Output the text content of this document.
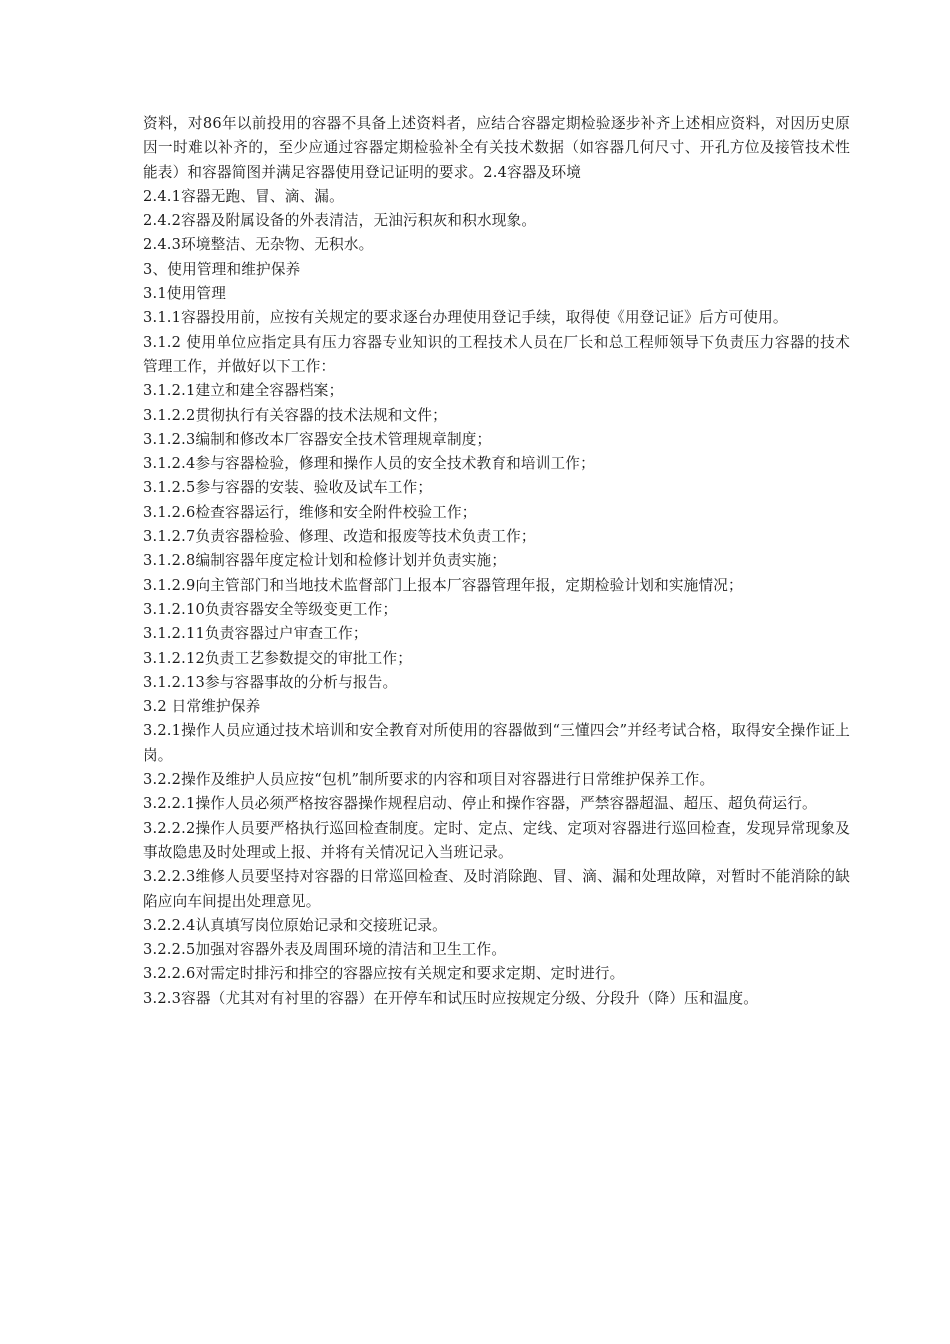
资料，对86年以前投用的容器不具备上述资料者，应结合容器定期检验逐步补齐上述相应资料，对因历史原因一时难以补齐的，至少应通过容器定期检验补全有关技术数据（如容器几何尺寸、开孔方位及接管技术性能表）和容器简图并满足容器使用登记证明的要求。2.4容器及环境

2.4.1容器无跑、冒、滴、漏。

2.4.2容器及附属设备的外表清洁，无油污积灰和积水现象。

2.4.3环境整洁、无杂物、无积水。

3、使用管理和维护保养

3.1使用管理

3.1.1容器投用前，应按有关规定的要求逐台办理使用登记手续，取得使《用登记证》后方可使用。

3.1.2 使用单位应指定具有压力容器专业知识的工程技术人员在厂长和总工程师领导下负责压力容器的技术管理工作，并做好以下工作：

3.1.2.1建立和建全容器档案；

3.1.2.2贯彻执行有关容器的技术法规和文件；

3.1.2.3编制和修改本厂容器安全技术管理规章制度；

3.1.2.4参与容器检验，修理和操作人员的安全技术教育和培训工作；

3.1.2.5参与容器的安装、验收及试车工作；

3.1.2.6检查容器运行，维修和安全附件校验工作；

3.1.2.7负责容器检验、修理、改造和报废等技术负责工作；

3.1.2.8编制容器年度定检计划和检修计划并负责实施；

3.1.2.9向主管部门和当地技术监督部门上报本厂容器管理年报，定期检验计划和实施情况；

3.1.2.10负责容器安全等级变更工作；

3.1.2.11负责容器过户审查工作；

3.1.2.12负责工艺参数提交的审批工作；

3.1.2.13参与容器事故的分析与报告。

3.2 日常维护保养

3.2.1操作人员应通过技术培训和安全教育对所使用的容器做到“三懂四会”并经考试合格，取得安全操作证上岗。

3.2.2操作及维护人员应按“包机”制所要求的内容和项目对容器进行日常维护保养工作。

3.2.2.1操作人员必须严格按容器操作规程启动、停止和操作容器，严禁容器超温、超压、超负荷运行。

3.2.2.2操作人员要严格执行巡回检查制度。定时、定点、定线、定项对容器进行巡回检查，发现异常现象及事故隐患及时处理或上报、并将有关情况记入当班记录。

3.2.2.3维修人员要坚持对容器的日常巡回检查、及时消除跑、冒、滴、漏和处理故障，对暂时不能消除的缺陷应向车间提出处理意见。

3.2.2.4认真填写岗位原始记录和交接班记录。

3.2.2.5加强对容器外表及周围环境的清洁和卫生工作。

3.2.2.6对需定时排污和排空的容器应按有关规定和要求定期、定时进行。

3.2.3容器（尤其对有衬里的容器）在开停车和试压时应按规定分级、分段升（降）压和温度。
